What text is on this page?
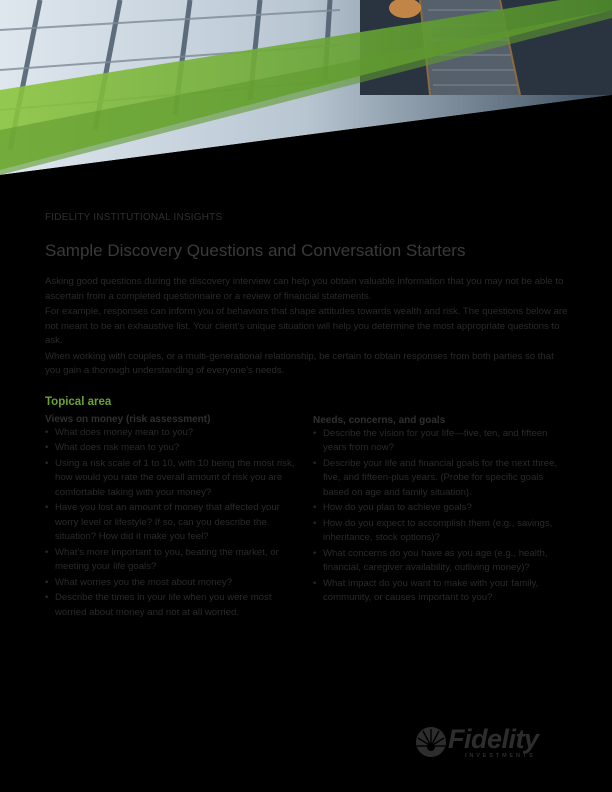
FIDELITY INSTITUTIONAL INSIGHTS

Sample Discovery Questions and Conversation Starters

Asking good questions during the discovery interview can help you obtain valuable information that you may not be able to ascertain from a completed questionnaire or a review of financial statements.

For example, responses can inform you of behaviors that shape attitudes towards wealth and risk. The questions below are not meant to be an exhaustive list. Your client’s unique situation will help you determine the most appropriate questions to ask.

When working with couples, or a multi-generational relationship, be certain to obtain responses from both parties so that you gain a thorough understanding of everyone’s needs.

Topical area
Views on money (risk assessment)
• What does money mean to you?
• What does risk mean to you?
• Using a risk scale of 1 to 10, with 10 being the most risk, how would you rate the overall amount of risk you are comfortable taking with your money?
• Have you lost an amount of money that affected your worry level or lifestyle? If so, can you describe the situation? How did it make you feel?
• What’s more important to you, beating the market, or meeting your life goals?
• What worries you the most about money?
• Describe the times in your life when you were most worried about money and not at all worried.
Needs, concerns, and goals
• Describe the vision for your life—five, ten, and fifteen years from now?
• Describe your life and financial goals for the next three, five, and fifteen-plus years. (Probe for specific goals based on age and family situation).
• How do you plan to achieve goals?
• How do you expect to accomplish them (e.g., savings, inheritance, stock options)?
• What concerns do you have as you age (e.g., health, financial, caregiver availability, outliving money)?
• What impact do you want to make with your family, community, or causes important to you?
Fidelity
INVESTMENTS
